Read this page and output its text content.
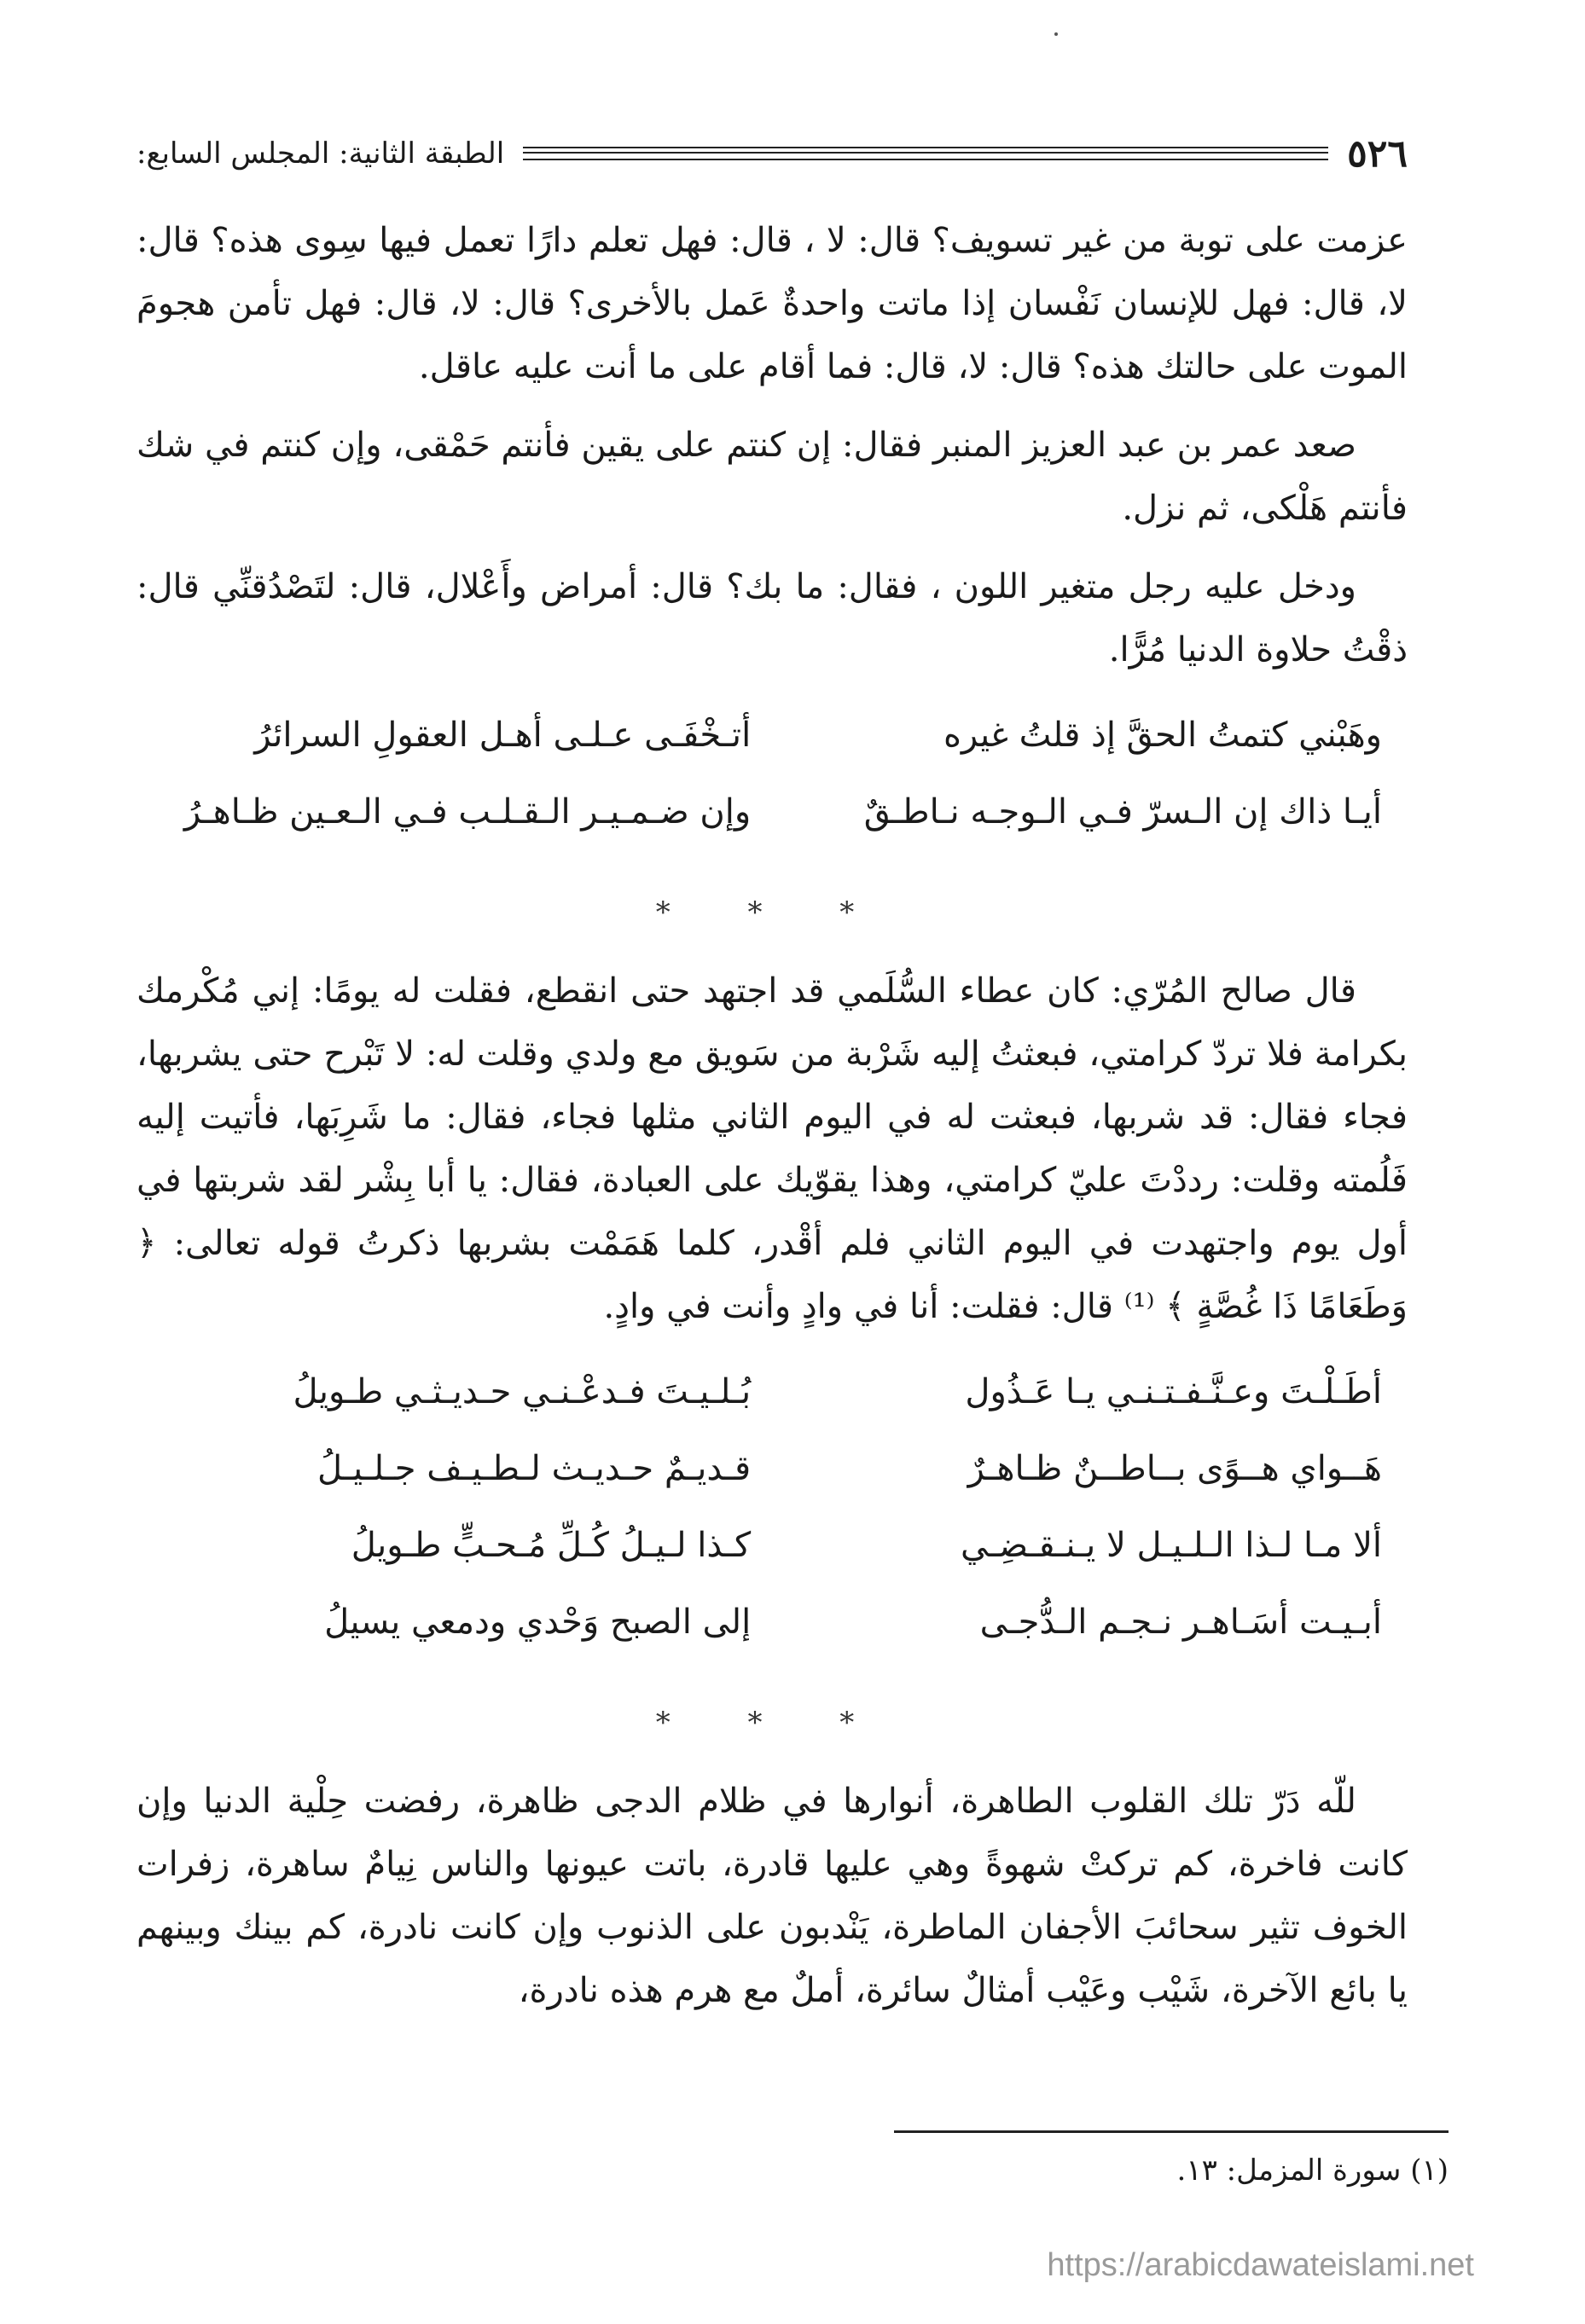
٥٢٦
الطبقة الثانية: المجلس السابع:

عزمت على توبة من غير تسويف؟ قال: لا ، قال: فهل تعلم دارًا تعمل فيها سِوى هذه؟ قال: لا، قال: فهل للإنسان نَفْسان إذا ماتت واحدةٌ عَمل بالأخرى؟ قال: لا، قال: فهل تأمن هجومَ الموت على حالتك هذه؟ قال: لا، قال: فما أقام على ما أنت عليه عاقل.

صعد عمر بن عبد العزيز المنبر فقال: إن كنتم على يقين فأنتم حَمْقى، وإن كنتم في شك فأنتم هَلْكى، ثم نزل.

ودخل عليه رجل متغير اللون ، فقال: ما بك؟ قال: أمراض وأَعْلال، قال: لتَصْدُقنِّي قال: ذقْتُ حلاوة الدنيا مُرًّا.

وهَبْني كتمتُ الحقَّ إذ قلتُ غيره
أتـخْفَـى عـلـى أهـل العقولِ السرائرُ
أيـا ذاك إن الـسرّ فـي الـوجـه نـاطـقٌ
وإن ضـمـيـر الـقـلـب فـي الـعـين ظـاهـرُ
* * *

قال صالح المُرّي: كان عطاء السُّلَمي قد اجتهد حتى انقطع، فقلت له يومًا: إني مُكْرمك بكرامة فلا تردّ كرامتي، فبعثتُ إليه شَرْبة من سَويق مع ولدي وقلت له: لا تَبْرح حتى يشربها، فجاء فقال: قد شربها، فبعثت له في اليوم الثاني مثلها فجاء، فقال: ما شَرِبَها، فأتيت إليه فَلُمته وقلت: رددْتَ عليّ كرامتي، وهذا يقوّيك على العبادة، فقال: يا أبا بِشْر لقد شربتها في أول يوم واجتهدت في اليوم الثاني فلم أقْدر، كلما هَمَمْت بشربها ذكرتُ قوله تعالى: ﴿ وَطَعَامًا ذَا غُصَّةٍ ﴾ ⁽¹⁾ قال: فقلت: أنا في وادٍ وأنت في وادٍ.

أطَـلْـتَ وعـنَّـفـتـنـي يـا عَـذُول
بُـلـيـتَ فـدعْـنـي حـديـثـي طـويلُ
هَــواي هــوًى بــاطــنٌ ظـاهـرٌ
قـديـمٌ حـديـث لـطـيـف جـلـيـلُ
ألا مـا لـذا الـلـيـل لا يـنـقـضِـي
كـذا لـيـلُ كُـلِّ مُـحـبٍّ طـويلُ
أبـيـت أسَـاهـر نـجـم الـدُّجـى
إلى الصبح وَحْدي ودمعي يسيلُ
* * *

للّه دَرّ تلك القلوب الطاهرة، أنوارها في ظلام الدجى ظاهرة، رفضت حِلْية الدنيا وإن كانت فاخرة، كم تركتْ شهوةً وهي عليها قادرة، باتت عيونها والناس نِيامٌ ساهرة، زفرات الخوف تثير سحائبَ الأجفان الماطرة، يَنْدبون على الذنوب وإن كانت نادرة، كم بينك وبينهم يا بائع الآخرة، شَيْب وعَيْب أمثالٌ سائرة، أملٌ مع هرم هذه نادرة،

(١) سورة المزمل: ١٣.
https://arabicdawateislami.net
